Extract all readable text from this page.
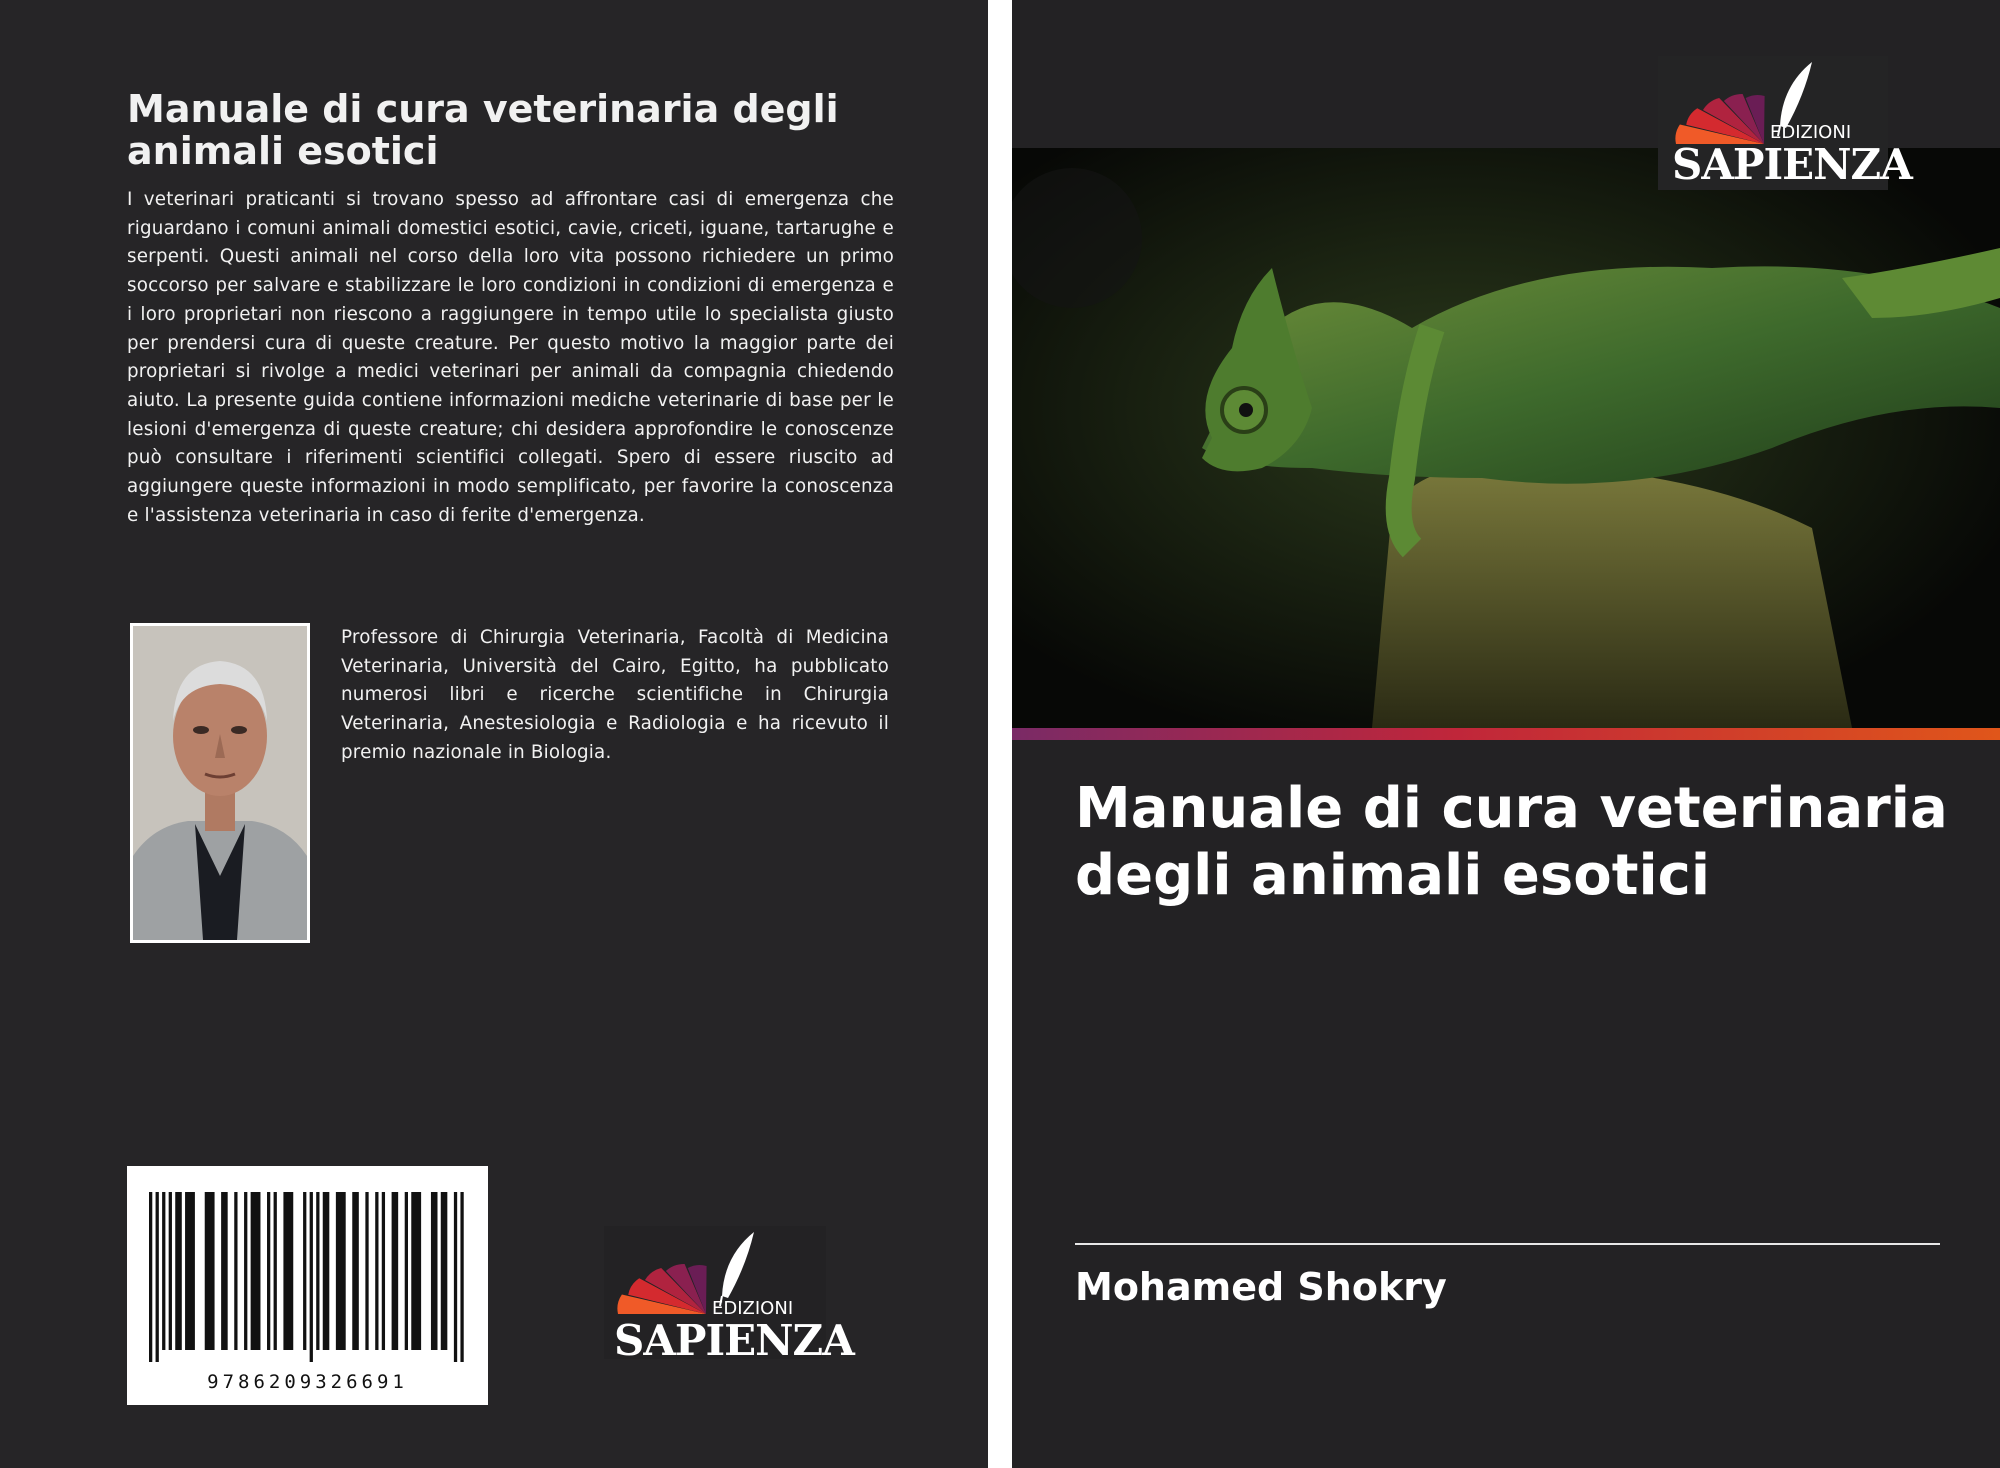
Manuale di cura veterinaria degli animali esotici

I veterinari praticanti si trovano spesso ad affrontare casi di emergenza che riguardano i comuni animali domestici esotici, cavie, criceti, iguane, tartarughe e serpenti. Questi animali nel corso della loro vita possono richiedere un primo soccorso per salvare e stabilizzare le loro condizioni in condizioni di emergenza e i loro proprietari non riescono a raggiungere in tempo utile lo specialista giusto per prendersi cura di queste creature. Per questo motivo la maggior parte dei proprietari si rivolge a medici veterinari per animali da compagnia chiedendo aiuto. La presente guida contiene informazioni mediche veterinarie di base per le lesioni d'emergenza di queste creature; chi desidera approfondire le conoscenze può consultare i riferimenti scientifici collegati. Spero di essere riuscito ad aggiungere queste informazioni in modo semplificato, per favorire la conoscenza e l'assistenza veterinaria in caso di ferite d'emergenza.

Professore di Chirurgia Veterinaria, Facoltà di Medicina Veterinaria, Università del Cairo, Egitto, ha pubblicato numerosi libri e ricerche scientifiche in Chirurgia Veterinaria, Anestesiologia e Radiologia e ha ricevuto il premio nazionale in Biologia.

9786209326691
EDIZIONI
SAPIENZA
EDIZIONI
SAPIENZA
Manuale di cura veterinaria degli animali esotici
Mohamed Shokry
